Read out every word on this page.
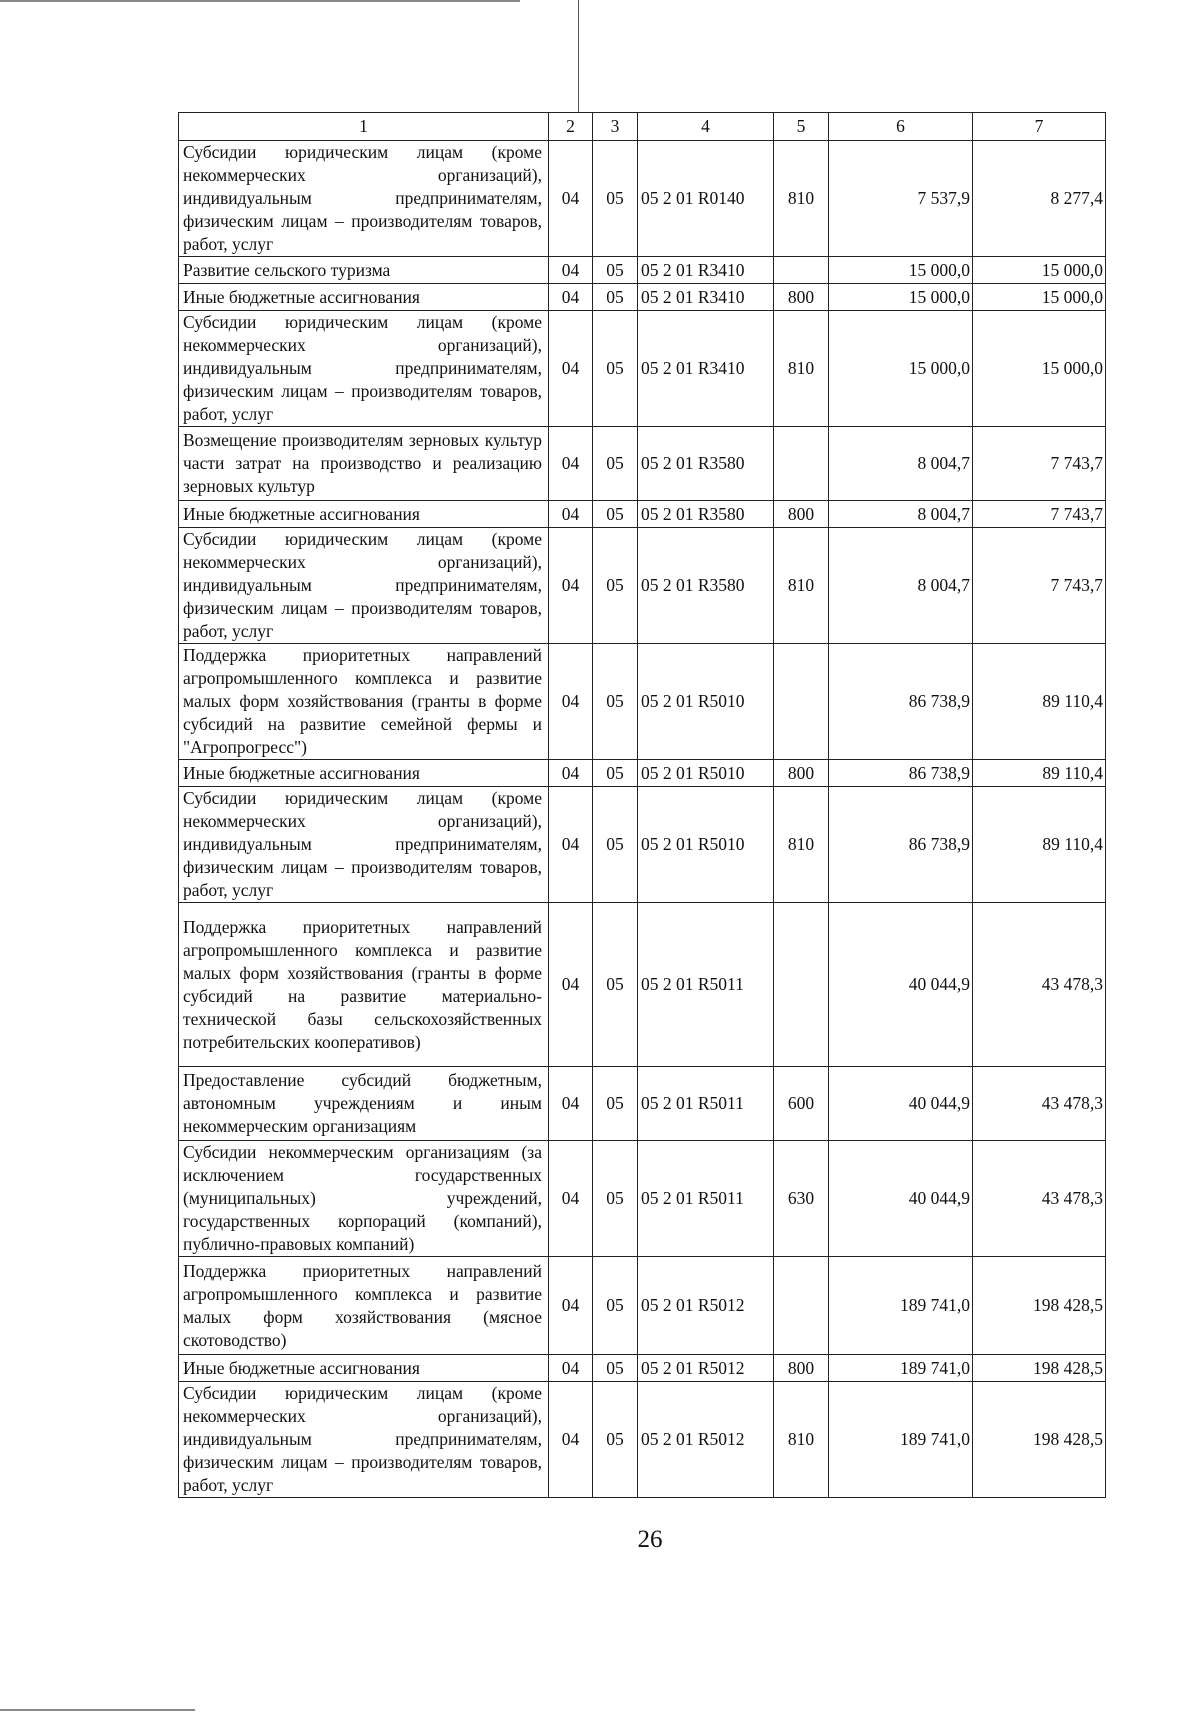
1	2	3	4	5	6	7
Субсидии юридическим лицам (кроме некоммерческих организаций), индивидуальным предпринимателям, физическим лицам – производителям товаров, работ, услуг	04	05	05 2 01 R0140	810	7 537,9	8 277,4
Развитие сельского туризма	04	05	05 2 01 R3410		15 000,0	15 000,0
Иные бюджетные ассигнования	04	05	05 2 01 R3410	800	15 000,0	15 000,0
Субсидии юридическим лицам (кроме некоммерческих организаций), индивидуальным предпринимателям, физическим лицам – производителям товаров, работ, услуг	04	05	05 2 01 R3410	810	15 000,0	15 000,0
Возмещение производителям зерновых культур части затрат на производство и реализацию зерновых культур	04	05	05 2 01 R3580		8 004,7	7 743,7
Иные бюджетные ассигнования	04	05	05 2 01 R3580	800	8 004,7	7 743,7
Субсидии юридическим лицам (кроме некоммерческих организаций), индивидуальным предпринимателям, физическим лицам – производителям товаров, работ, услуг	04	05	05 2 01 R3580	810	8 004,7	7 743,7
Поддержка приоритетных направлений агропромышленного комплекса и развитие малых форм хозяйствования (гранты в форме субсидий на развитие семейной фермы и "Агропрогресс")	04	05	05 2 01 R5010		86 738,9	89 110,4
Иные бюджетные ассигнования	04	05	05 2 01 R5010	800	86 738,9	89 110,4
Субсидии юридическим лицам (кроме некоммерческих организаций), индивидуальным предпринимателям, физическим лицам – производителям товаров, работ, услуг	04	05	05 2 01 R5010	810	86 738,9	89 110,4
Поддержка приоритетных направлений агропромышленного комплекса и развитие малых форм хозяйствования (гранты в форме субсидий на развитие материально-технической базы сельскохозяйственных потребительских кооперативов)	04	05	05 2 01 R5011		40 044,9	43 478,3
Предоставление субсидий бюджетным, автономным учреждениям и иным некоммерческим организациям	04	05	05 2 01 R5011	600	40 044,9	43 478,3
Субсидии некоммерческим организациям (за исключением государственных (муниципальных) учреждений, государственных корпораций (компаний), публично-правовых компаний)	04	05	05 2 01 R5011	630	40 044,9	43 478,3
Поддержка приоритетных направлений агропромышленного комплекса и развитие малых форм хозяйствования (мясное скотоводство)	04	05	05 2 01 R5012		189 741,0	198 428,5
Иные бюджетные ассигнования	04	05	05 2 01 R5012	800	189 741,0	198 428,5
Субсидии юридическим лицам (кроме некоммерческих организаций), индивидуальным предпринимателям, физическим лицам – производителям товаров, работ, услуг	04	05	05 2 01 R5012	810	189 741,0	198 428,5
26
